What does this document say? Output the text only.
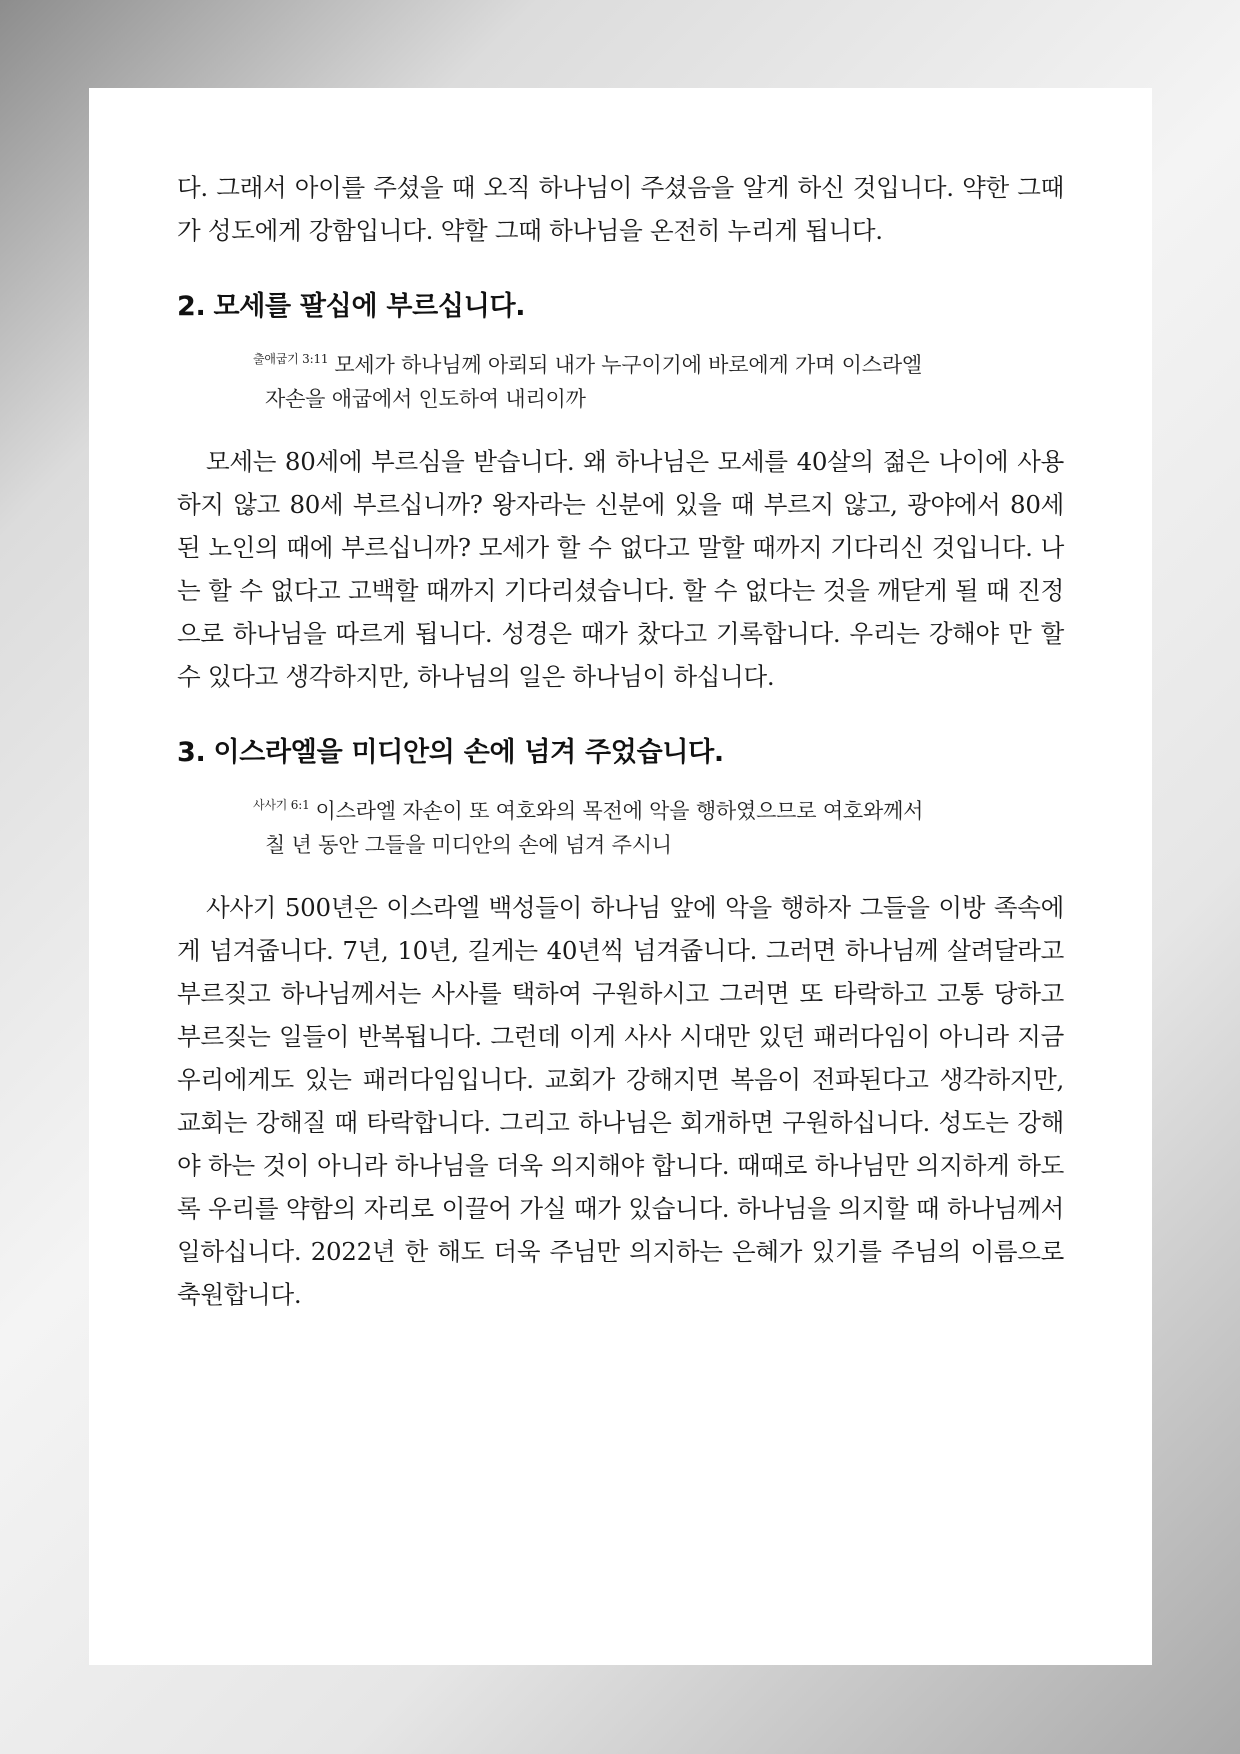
다. 그래서 아이를 주셨을 때 오직 하나님이 주셨음을 알게 하신 것입니다. 약한 그때가 성도에게 강함입니다. 약할 그때 하나님을 온전히 누리게 됩니다.

2. 모세를 팔십에 부르십니다.
$^{출애굽기 3:11}$ 모세가 하나님께 아뢰되 내가 누구이기에 바로에게 가며 이스라엘
자손을 애굽에서 인도하여 내리이까

모세는 80세에 부르심을 받습니다. 왜 하나님은 모세를 40살의 젊은 나이에 사용하지 않고 80세 부르십니까? 왕자라는 신분에 있을 때 부르지 않고, 광야에서 80세 된 노인의 때에 부르십니까? 모세가 할 수 없다고 말할 때까지 기다리신 것입니다. 나는 할 수 없다고 고백할 때까지 기다리셨습니다. 할 수 없다는 것을 깨닫게 될 때 진정으로 하나님을 따르게 됩니다. 성경은 때가 찼다고 기록합니다. 우리는 강해야 만 할 수 있다고 생각하지만, 하나님의 일은 하나님이 하십니다.

3. 이스라엘을 미디안의 손에 넘겨 주었습니다.
$^{사사기 6:1}$ 이스라엘 자손이 또 여호와의 목전에 악을 행하였으므로 여호와께서
칠 년 동안 그들을 미디안의 손에 넘겨 주시니

사사기 500년은 이스라엘 백성들이 하나님 앞에 악을 행하자 그들을 이방 족속에게 넘겨줍니다. 7년, 10년, 길게는 40년씩 넘겨줍니다. 그러면 하나님께 살려달라고 부르짖고 하나님께서는 사사를 택하여 구원하시고 그러면 또 타락하고 고통 당하고 부르짖는 일들이 반복됩니다. 그런데 이게 사사 시대만 있던 패러다임이 아니라 지금 우리에게도 있는 패러다임입니다. 교회가 강해지면 복음이 전파된다고 생각하지만, 교회는 강해질 때 타락합니다. 그리고 하나님은 회개하면 구원하십니다. 성도는 강해야 하는 것이 아니라 하나님을 더욱 의지해야 합니다. 때때로 하나님만 의지하게 하도록 우리를 약함의 자리로 이끌어 가실 때가 있습니다. 하나님을 의지할 때 하나님께서 일하십니다. 2022년 한 해도 더욱 주님만 의지하는 은혜가 있기를 주님의 이름으로 축원합니다.
